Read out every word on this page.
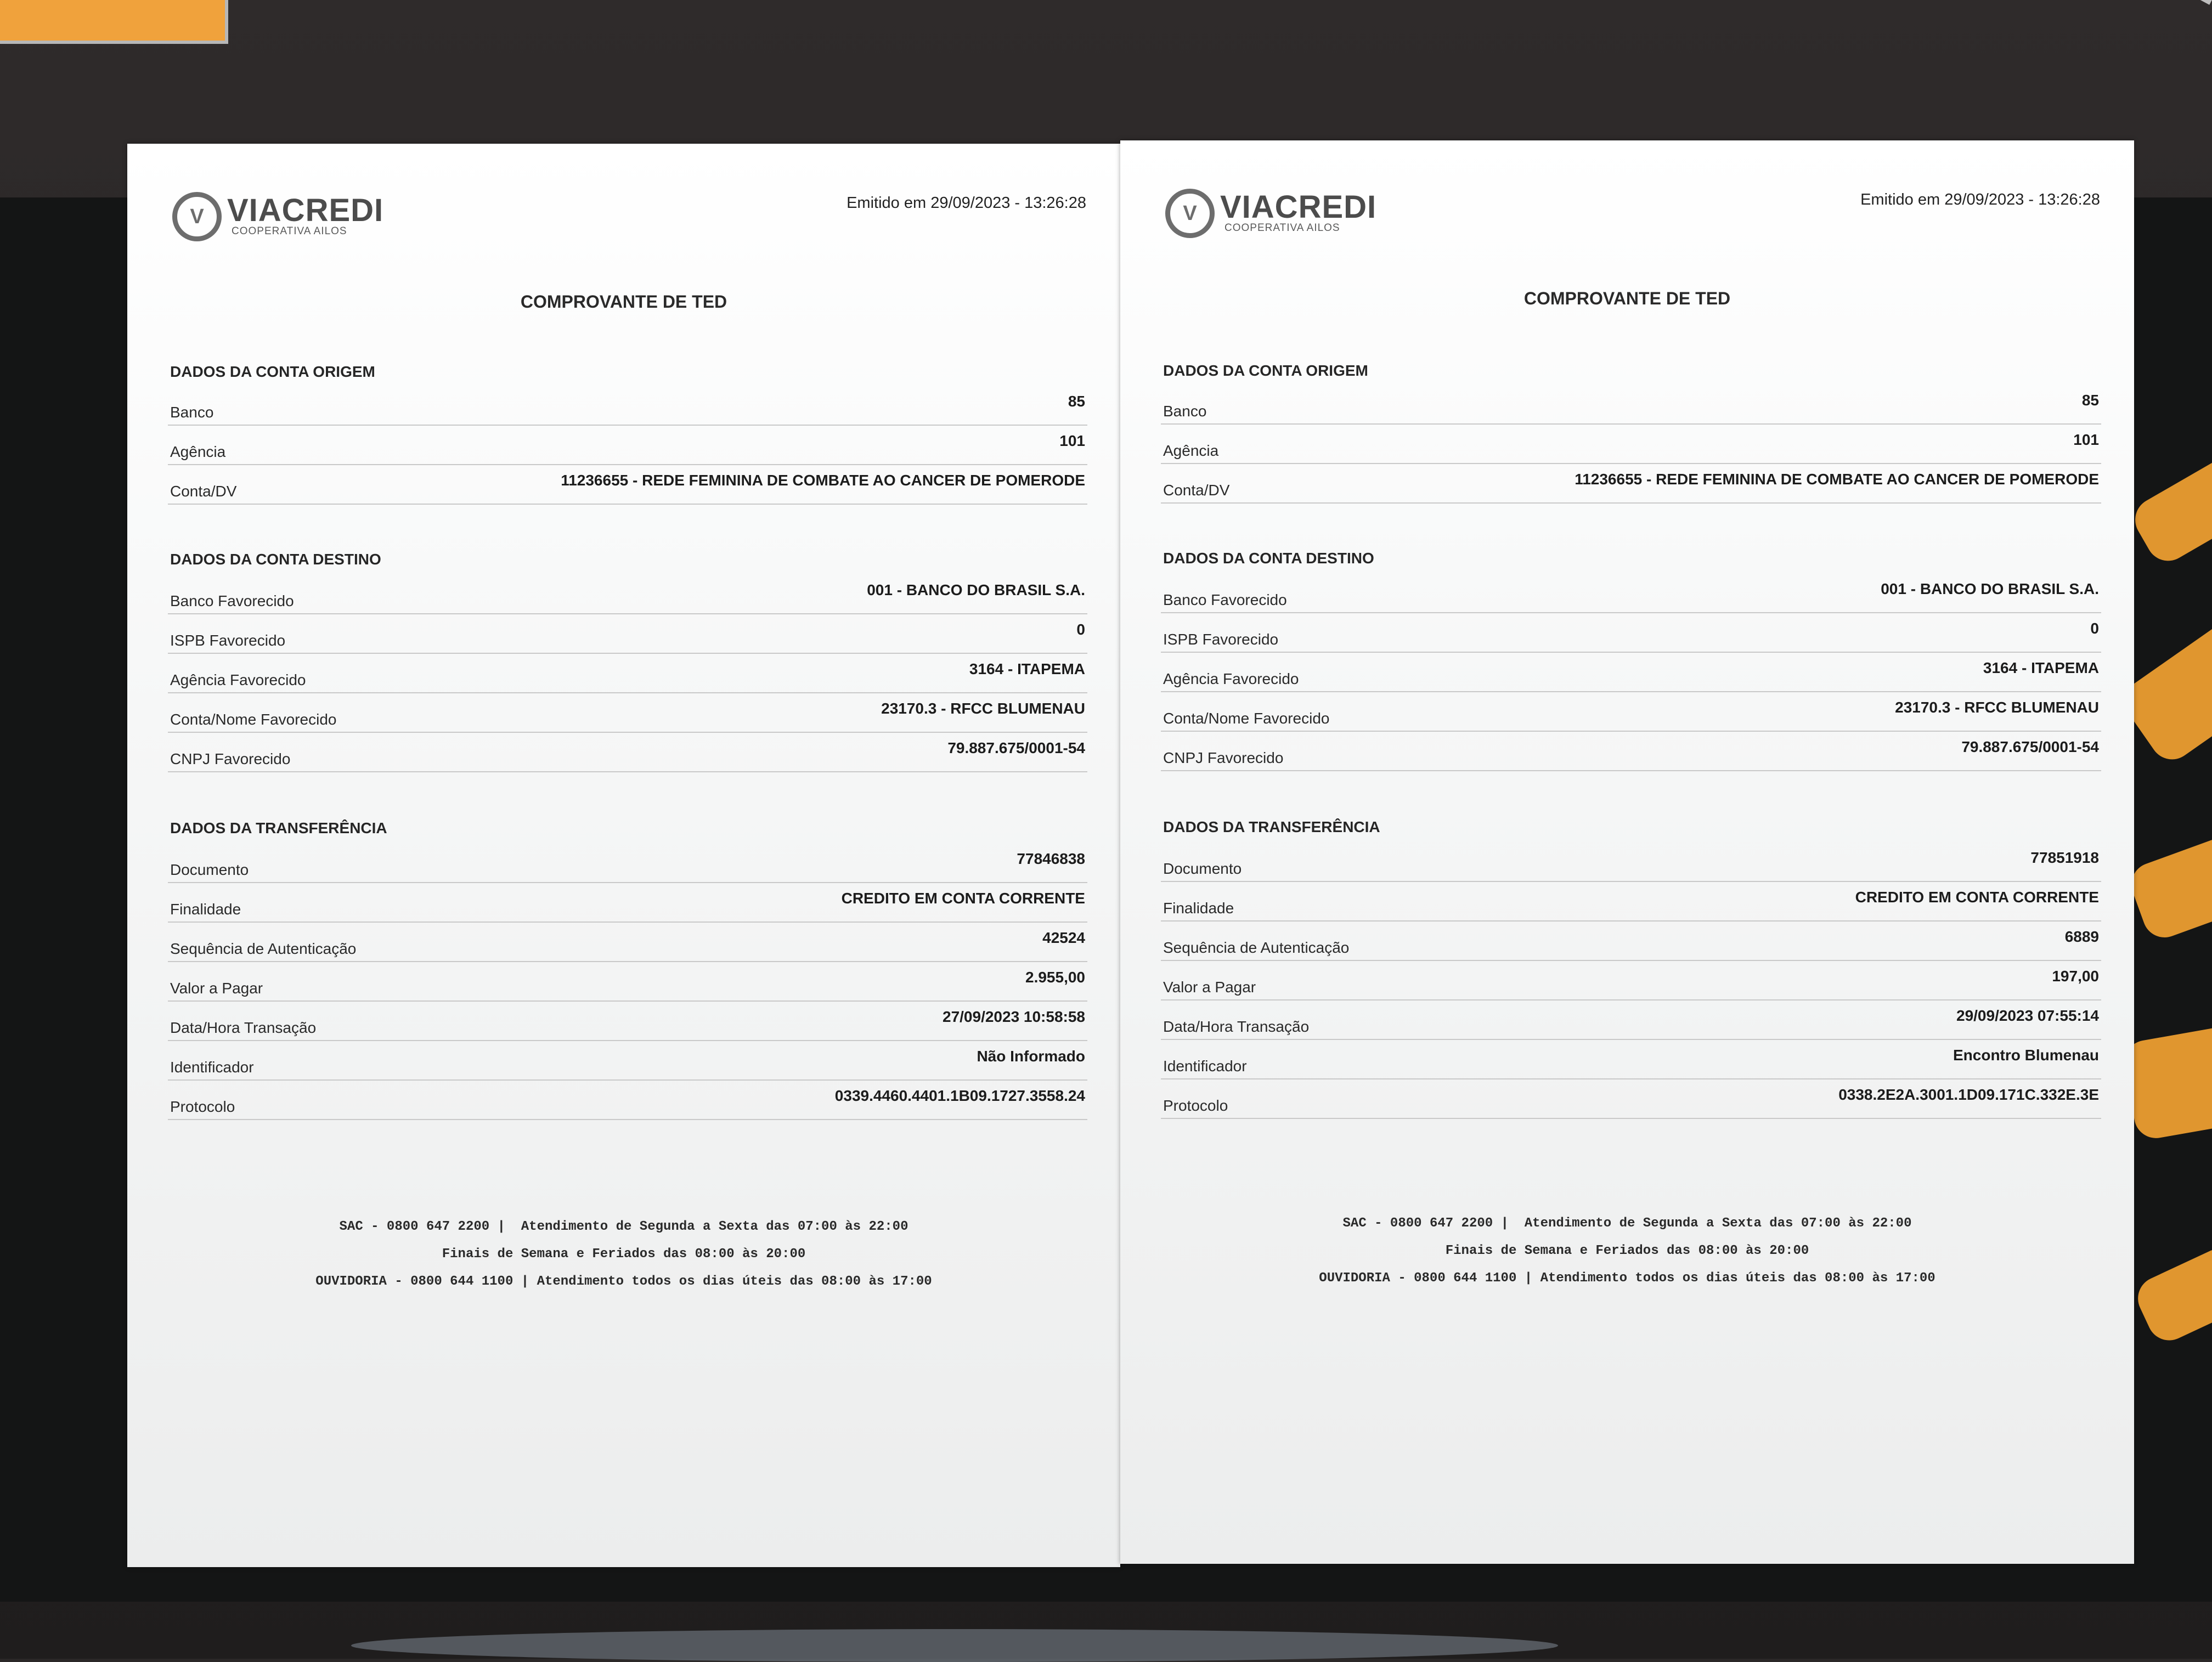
V VIACREDI
COOPERATIVA AILOS
Emitido em 29/09/2023 - 13:26:28
COMPROVANTE DE TED
DADOS DA CONTA ORIGEM
Banco
85
Agência
101
Conta/DV
11236655 - REDE FEMININA DE COMBATE AO CANCER DE POMERODE
DADOS DA CONTA DESTINO
Banco Favorecido
001 - BANCO DO BRASIL S.A.
ISPB Favorecido
0
Agência Favorecido
3164 - ITAPEMA
Conta/Nome Favorecido
23170.3 - RFCC BLUMENAU
CNPJ Favorecido
79.887.675/0001-54
DADOS DA TRANSFERÊNCIA
Documento
77846838
Finalidade
CREDITO EM CONTA CORRENTE
Sequência de Autenticação
42524
Valor a Pagar
2.955,00
Data/Hora Transação
27/09/2023 10:58:58
Identificador
Não Informado
Protocolo
0339.4460.4401.1B09.1727.3558.24
SAC - 0800 647 2200 |  Atendimento de Segunda a Sexta das 07:00 às 22:00
Finais de Semana e Feriados das 08:00 às 20:00
OUVIDORIA - 0800 644 1100 | Atendimento todos os dias úteis das 08:00 às 17:00
V VIACREDI
COOPERATIVA AILOS
Emitido em 29/09/2023 - 13:26:28
COMPROVANTE DE TED
DADOS DA CONTA ORIGEM
Banco
85
Agência
101
Conta/DV
11236655 - REDE FEMININA DE COMBATE AO CANCER DE POMERODE
DADOS DA CONTA DESTINO
Banco Favorecido
001 - BANCO DO BRASIL S.A.
ISPB Favorecido
0
Agência Favorecido
3164 - ITAPEMA
Conta/Nome Favorecido
23170.3 - RFCC BLUMENAU
CNPJ Favorecido
79.887.675/0001-54
DADOS DA TRANSFERÊNCIA
Documento
77851918
Finalidade
CREDITO EM CONTA CORRENTE
Sequência de Autenticação
6889
Valor a Pagar
197,00
Data/Hora Transação
29/09/2023 07:55:14
Identificador
Encontro Blumenau
Protocolo
0338.2E2A.3001.1D09.171C.332E.3E
SAC - 0800 647 2200 |  Atendimento de Segunda a Sexta das 07:00 às 22:00
Finais de Semana e Feriados das 08:00 às 20:00
OUVIDORIA - 0800 644 1100 | Atendimento todos os dias úteis das 08:00 às 17:00
